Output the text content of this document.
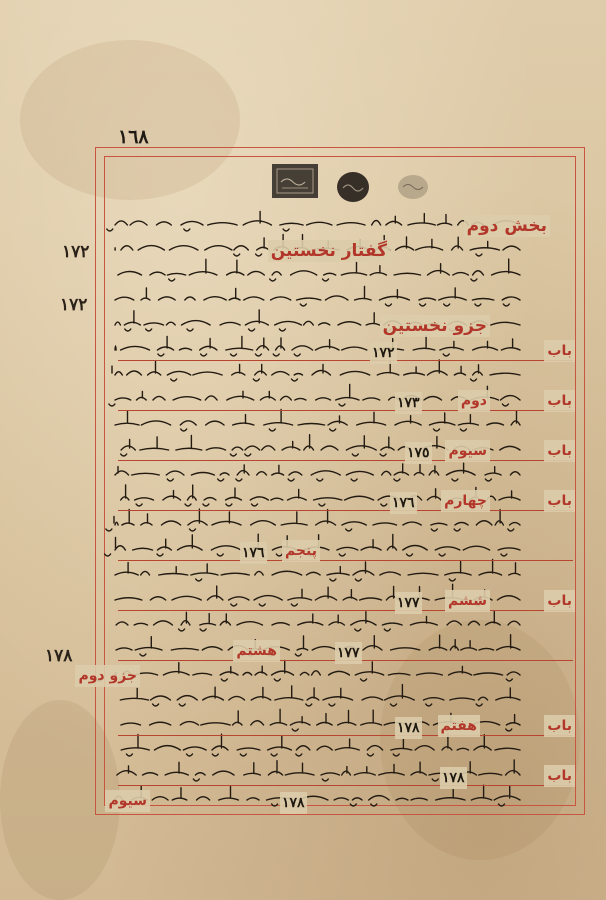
١٦٨
١٧٢
١٧٢
١٧٨
بخش دوم
گفتار نخستین
جزو نخستین
باب
١٧٢
باب
دوم
١٧٣
باب
سیوم
١٧٥
باب
چهارم
١٧٦
پنجم
١٧٦
باب
ششم
١٧٧
هشتم	١٧٧
جزو دوم
باب
هفتم
١٧٨
باب
١٧٨
سیوم	١٧٨
